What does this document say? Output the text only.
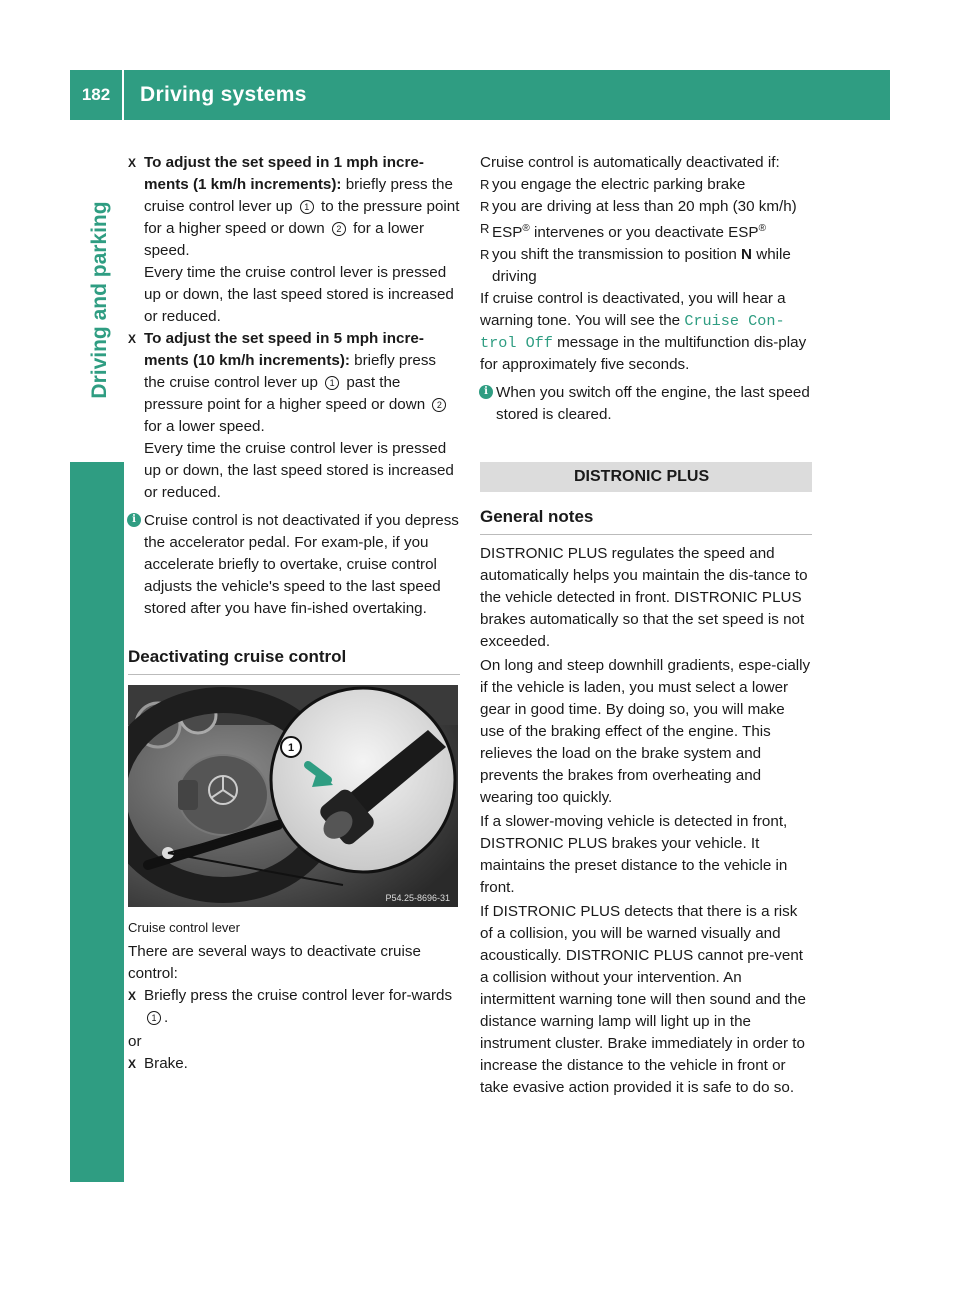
182	Driving systems
Driving and parking
X To adjust the set speed in 1 mph incre-ments (1 km/h increments): briefly press the cruise control lever up 1 to the pressure point for a higher speed or down 2 for a lower speed.
Every time the cruise control lever is pressed up or down, the last speed stored is increased or reduced.
X To adjust the set speed in 5 mph incre-ments (10 km/h increments): briefly press the cruise control lever up 1 past the pressure point for a higher speed or down 2 for a lower speed.
Every time the cruise control lever is pressed up or down, the last speed stored is increased or reduced.
i Cruise control is not deactivated if you depress the accelerator pedal. For exam-ple, if you accelerate briefly to overtake, cruise control adjusts the vehicle's speed to the last speed stored after you have fin-ished overtaking.
Deactivating cruise control
1
P54.25-8696-31
Cruise control lever
There are several ways to deactivate cruise control:
X Briefly press the cruise control lever for-wards 1 .
or
X Brake.
Cruise control is automatically deactivated if:
R you engage the electric parking brake
R you are driving at less than 20 mph (30 km/h)
R ESP® intervenes or you deactivate ESP®
R you shift the transmission to position N while driving
If cruise control is deactivated, you will hear a warning tone. You will see the Cruise Con-trol Off message in the multifunction dis-play for approximately five seconds.
i When you switch off the engine, the last speed stored is cleared.
DISTRONIC PLUS
General notes
DISTRONIC PLUS regulates the speed and automatically helps you maintain the dis-tance to the vehicle detected in front. DISTRONIC PLUS brakes automatically so that the set speed is not exceeded.
On long and steep downhill gradients, espe-cially if the vehicle is laden, you must select a lower gear in good time. By doing so, you will make use of the braking effect of the engine. This relieves the load on the brake system and prevents the brakes from overheating and wearing too quickly.
If a slower-moving vehicle is detected in front, DISTRONIC PLUS brakes your vehicle. It maintains the preset distance to the vehicle in front.
If DISTRONIC PLUS detects that there is a risk of a collision, you will be warned visually and acoustically. DISTRONIC PLUS cannot pre-vent a collision without your intervention. An intermittent warning tone will then sound and the distance warning lamp will light up in the instrument cluster. Brake immediately in order to increase the distance to the vehicle in front or take evasive action provided it is safe to do so.
